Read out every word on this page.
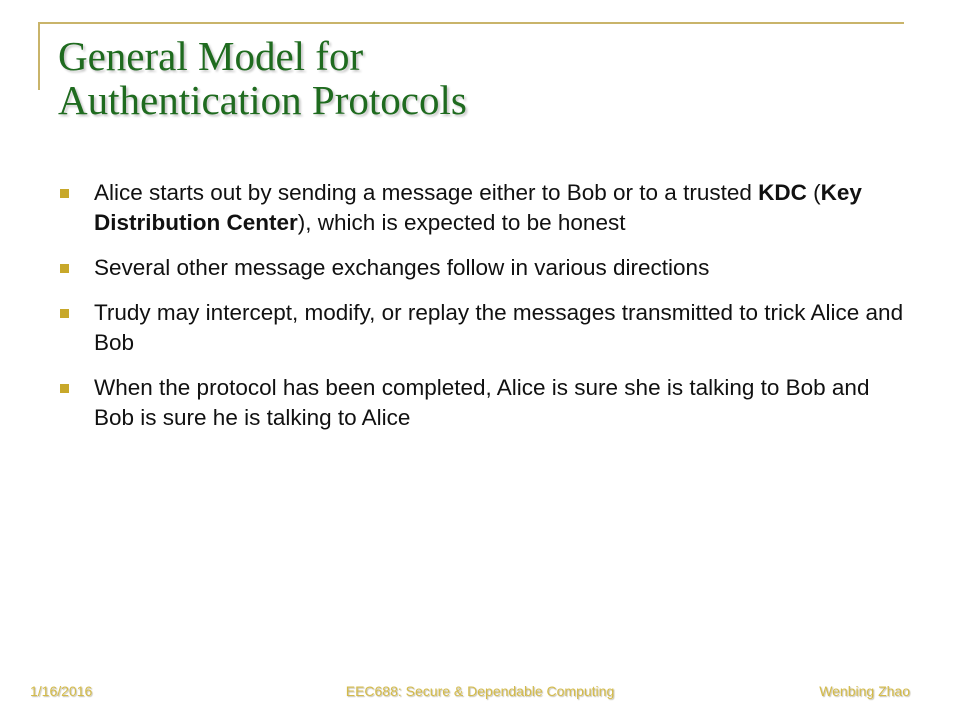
General Model for
Authentication Protocols
Alice starts out by sending a message either to Bob or to a trusted KDC (Key Distribution Center), which is expected to be honest
Several other message exchanges follow in various directions
Trudy may intercept, modify, or replay the messages transmitted to trick Alice and Bob
When the protocol has been completed, Alice is sure she is talking to Bob and Bob is sure he is talking to Alice
1/16/2016	EEC688: Secure & Dependable Computing	Wenbing Zhao
